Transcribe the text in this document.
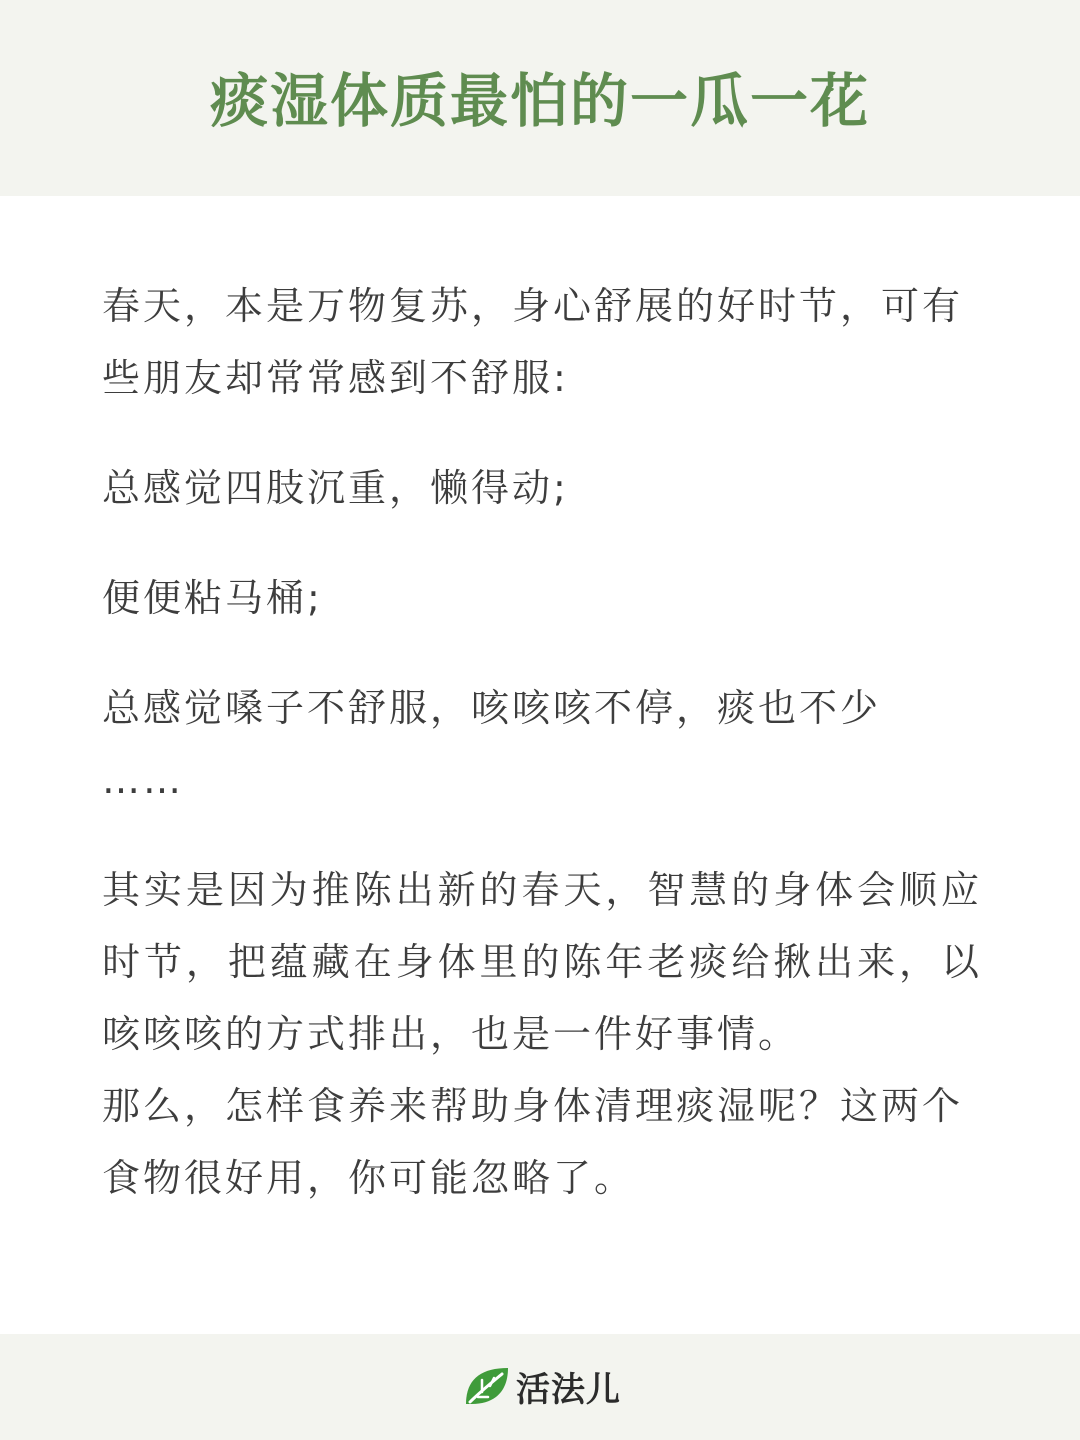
痰湿体质最怕的一瓜一花

春天，本是万物复苏，身心舒展的好时节，可有些朋友却常常感到不舒服:

总感觉四肢沉重，懒得动;

便便粘马桶;

总感觉嗓子不舒服，咳咳咳不停，痰也不少

……

其实是因为推陈出新的春天，智慧的身体会顺应时节，把蕴藏在身体里的陈年老痰给揪出来，以咳咳咳的方式排出，也是一件好事情。

那么，怎样食养来帮助身体清理痰湿呢？这两个食物很好用，你可能忽略了。

活法儿
